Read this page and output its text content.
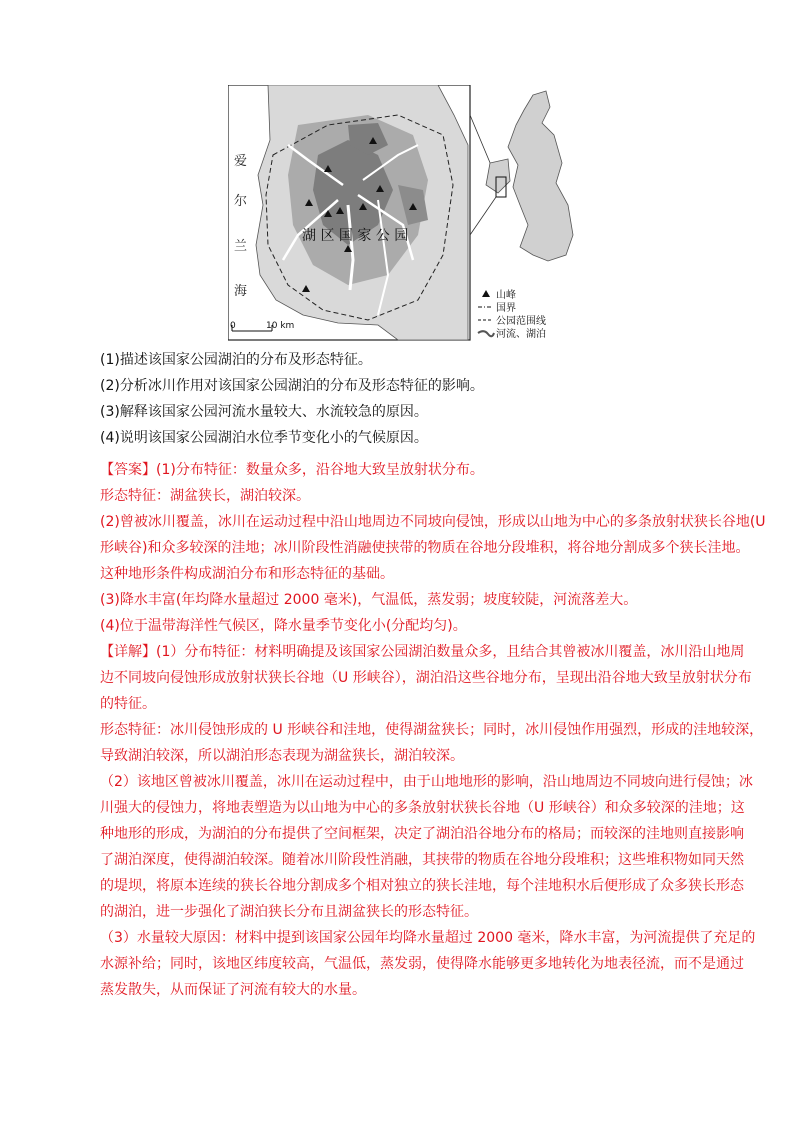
爱
尔
兰
海
湖 区 国 家 公 园
0	10 km
山峰
国界
公园范围线
河流、湖泊
(1)描述该国家公园湖泊的分布及形态特征。
(2)分析冰川作用对该国家公园湖泊的分布及形态特征的影响。
(3)解释该国家公园河流水量较大、水流较急的原因。
(4)说明该国家公园湖泊水位季节变化小的气候原因。
【答案】(1)分布特征：数量众多，沿谷地大致呈放射状分布。
形态特征：湖盆狭长，湖泊较深。
(2)曾被冰川覆盖，冰川在运动过程中沿山地周边不同坡向侵蚀，形成以山地为中心的多条放射状狭长谷地(U
形峡谷)和众多较深的洼地；冰川阶段性消融使挟带的物质在谷地分段堆积，将谷地分割成多个狭长洼地。
这种地形条件构成湖泊分布和形态特征的基础。
(3)降水丰富(年均降水量超过 2000 毫米)，气温低，蒸发弱；坡度较陡，河流落差大。
(4)位于温带海洋性气候区，降水量季节变化小(分配均匀)。
【详解】(1）分布特征：材料明确提及该国家公园湖泊数量众多，且结合其曾被冰川覆盖，冰川沿山地周
边不同坡向侵蚀形成放射状狭长谷地（U 形峡谷），湖泊沿这些谷地分布，呈现出沿谷地大致呈放射状分布
的特征。
形态特征：冰川侵蚀形成的 U 形峡谷和洼地，使得湖盆狭长；同时，冰川侵蚀作用强烈，形成的洼地较深，
导致湖泊较深，所以湖泊形态表现为湖盆狭长，湖泊较深。
（2）该地区曾被冰川覆盖，冰川在运动过程中，由于山地地形的影响，沿山地周边不同坡向进行侵蚀；冰
川强大的侵蚀力，将地表塑造为以山地为中心的多条放射状狭长谷地（U 形峡谷）和众多较深的洼地；这
种地形的形成，为湖泊的分布提供了空间框架，决定了湖泊沿谷地分布的格局；而较深的洼地则直接影响
了湖泊深度，使得湖泊较深。随着冰川阶段性消融，其挟带的物质在谷地分段堆积；这些堆积物如同天然
的堤坝，将原本连续的狭长谷地分割成多个相对独立的狭长洼地，每个洼地积水后便形成了众多狭长形态
的湖泊，进一步强化了湖泊狭长分布且湖盆狭长的形态特征。
（3）水量较大原因：材料中提到该国家公园年均降水量超过 2000 毫米，降水丰富，为河流提供了充足的
水源补给；同时，该地区纬度较高，气温低，蒸发弱，使得降水能够更多地转化为地表径流，而不是通过
蒸发散失，从而保证了河流有较大的水量。
